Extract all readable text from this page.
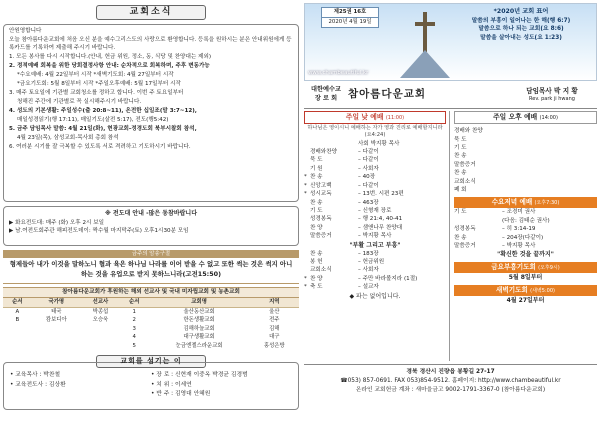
교회소식

안원영합니다

오늘 참아름다운교회에 처음 오신 분을 예수그리스도의 사랑으로 환영합니다. 등록을 원하시는 분은 안내위원에게 등록카드를 기록하여 제출해 주시기 바랍니다.

1. 모든 봉사를 다시 시작합니다.(안내, 헌금 위원, 정소, 동, 식당 및 찬양대는 제외)

2. 정적예배 회복을 위한 당회결정사항 안내: 순차적으로 회복하며, 주후 변동가능

*수요예배: 4월 22일부터 시작 *새벽기도회: 4월 27일부터 시작

*금요기도회: 5월 8일부터 시작 *주일오후예배: 5월 17일부터 시작

3. 매주 토요일에 기관별 교회청소를 정하고 합니다. 이번 주 토요일부터

청해진 주간에 기관별로 꼭 실시해주시기 바랍니다.

4. 성도의 기본생활: 주일성수(출 20:8~11), 온전한 십일조(말 3:7~12),

매일성경읽기(행 17:11), 매일기도(살전 5:17), 전도(행5:42)

5. 금주 담임목사 말씀: 4월 21일(화), 현광교회-정경도회 북부시찰회 참석,

4월 23일(목), 삼성교회-목사회 총회 참석

6. 여러분 시기를 잘 극복할 수 있도록 서로 격려하고 기도하시기 바랍니다.

※ 전도대 안내 -많은 동참바랍니다

▶ 화요전도대: 매주 (화) 오후 2시 보일

▶ 남.여전도회주관 해피전도데이: 짝수월 마지막주(토) 오후1시30분 모임

금주의 암송구절
형제들아 내가 이것을 말하노니 혈과 육은 하나님 나라를 이어 받을 수 없고 또한 썩는 것은 썩지 아니하는 것을 유업으로 받지 못하느니라(고전15:50)
참아름다운교회가 후원하는 해외 선교사 및 국내 미자립교회 및 농촌교회
순서	국가명	선교사	순서	교회명	지역
A	태국	박종섭	1	울산동산교회	울산
B	캄보디아	오승욱	2	한돈생활교회	전주
			3	김해하늘교회	김해
			4	대구생활교회	대구
			5	눈금엔젤스라운교회	홍성은방
교회를 섬기는 이

• 교육목사 : 박찬철

• 교육전도사 : 김상환

• 장 로 : 신현재 이중옥 박경균 김경범

• 치 위 : 이세연

• 반 주 : 김영대 안혜원

제25권 16호
2020년 4월 19일
www.chambeautiful.kr
*2020년 교회 표어
말씀의 부흥이 일어나는 한 해(행 6:7)
말씀으로 하나 되는 교회(요 8:6)
말씀을 살아내는 성도(요 1:23)
대한예수교
장 로 회	참아름다운교회	담임목사 박 지 황
Rev. park ji hwang
주일 낮 예배 (11:00)
하나님은 영이시니 예배하는 자가 영과 진리로 예배할지니라(요4:24)
사회 박지황 목사
경배와찬양	– 다같이
묵 도	– 다같이
기 원	– 사회자
* 찬 송	– 40장
* 신앙고백	– 다같이
* 성시교독	– 13번. 시편 23편
찬 송	– 463장
기 도	– 신형재 장로
성경봉독	– 행 21:4, 40-41
찬 양	– 샘앤나무 찬양대
말씀증거	– 박지황 목사
"부활 그리고 부흥"
찬 송	– 183장
봉 헌	– 헌금위원
교회소식	– 사회자
* 찬 양	– 주만 바라볼지라 (1절)
* 축 도	– 설교자
◆ 파는 없어입니다.
주일 오후 예배 (14:00)
경배와 찬양
묵 도
기 도
찬 송
말씀증거
찬 송
교회소식
폐 회
수요저녁 예배 (오후7:30)
기 도	– 조경미 권사
(다음: 김태순 권사)
성경봉독	– 히 3:14-19
찬 송	– 204장(다같이)
말씀증거	– 박지황 목사
"확신한 것을 끝까지"
금요부흥기도회 (오후9시)
5월 8일부터
새벽기도회 (새벽5:00)
4월 27일부터
경북 경산시 진량읍 봉황길 27-17
☎053) 857-0691. FAX 053)854-9512. 홈페이지: http://www.chambeautiful.kr
온라인 교회헌금 계좌 : 새마을금고 9002-1791-3367-0 (참아름다운교회)
